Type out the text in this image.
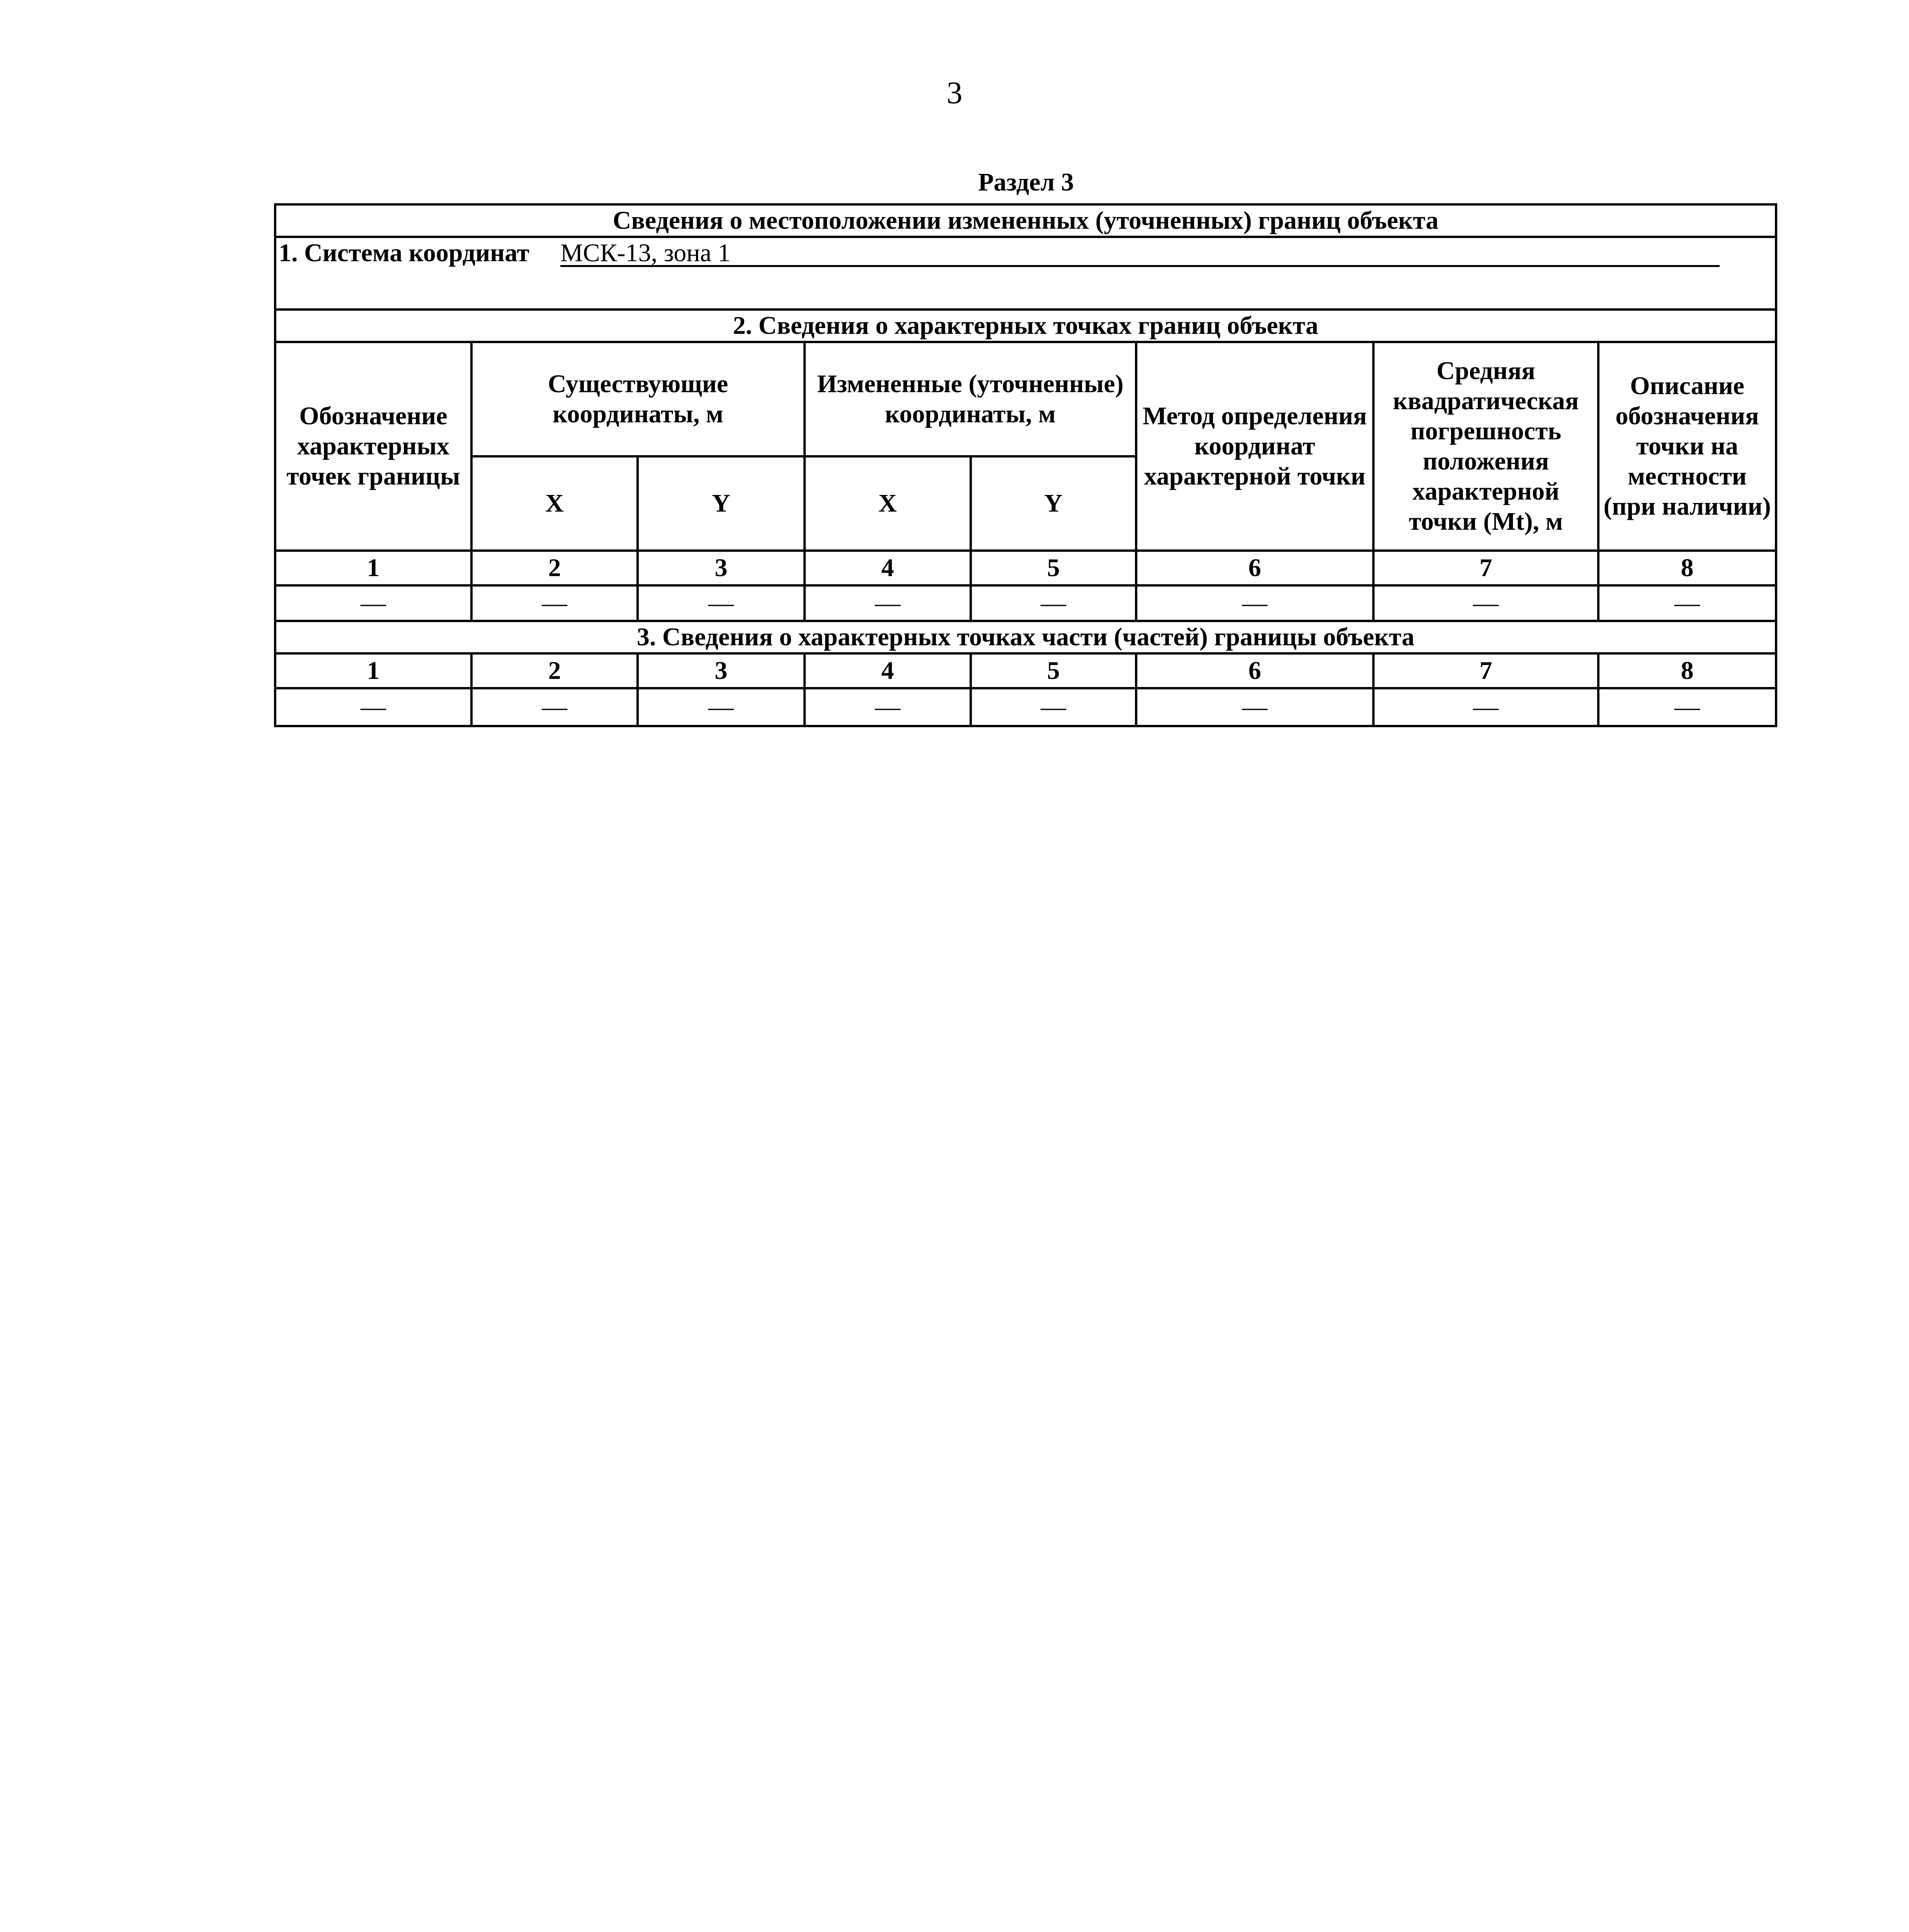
3
Раздел 3
Сведения о местоположении измененных (уточненных) границ объекта							
1. Система координат МСК-13, зона 1							
2. Сведения о характерных точках границ объекта							
Обозначение характерных точек границы	Существующие координаты, м		Измененные (уточненные) координаты, м		Метод определения координат характерной точки	Средняя квадратическая погрешность положения характерной точки (Mt), м	Описание обозначения точки на местности (при наличии)
	X	Y	X	Y			
1	2	3	4	5	6	7	8
—	—	—	—	—	—	—	—
3. Сведения о характерных точках части (частей) границы объекта							
1	2	3	4	5	6	7	8
—	—	—	—	—	—	—	—
